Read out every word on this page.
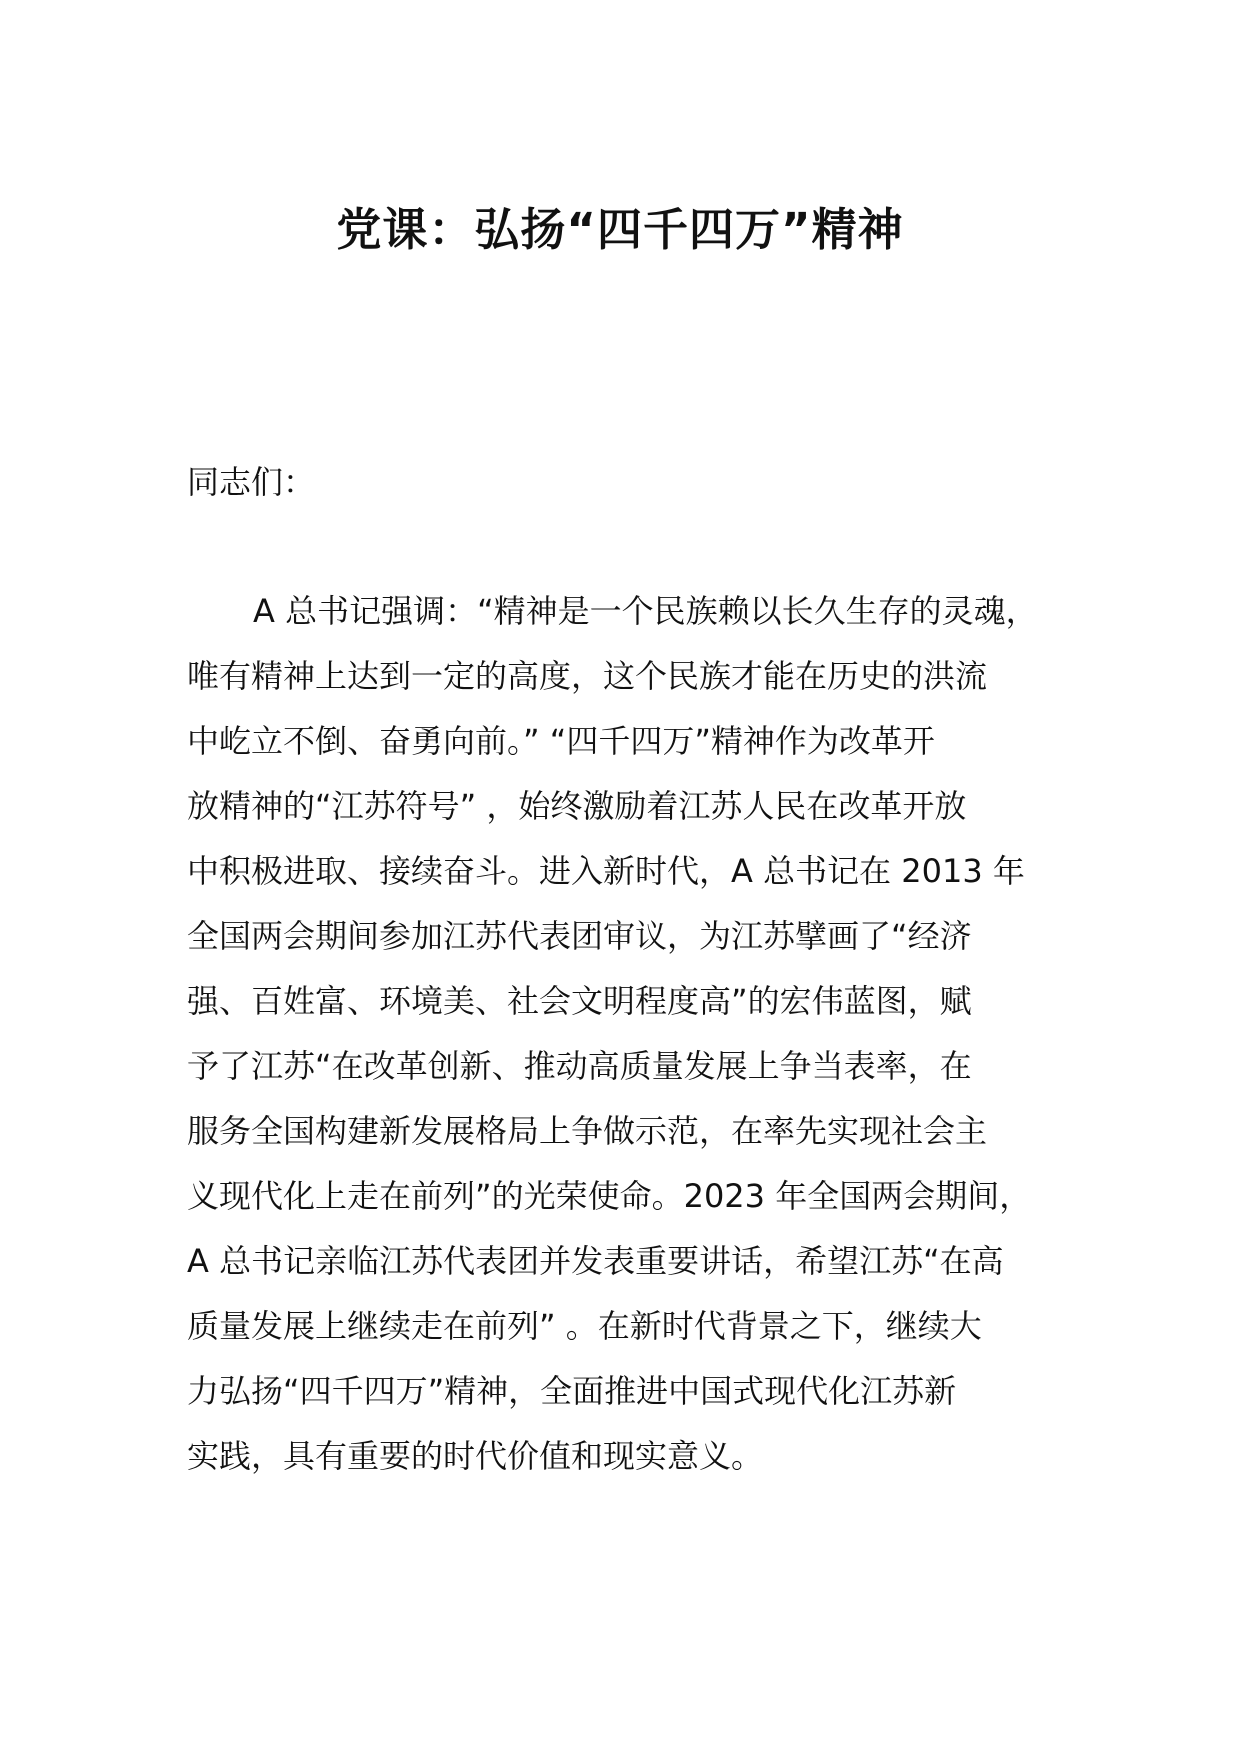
党课：弘扬“四千四万”精神
同志们：
A 总书记强调：“精神是一个民族赖以长久生存的灵魂，
唯有精神上达到一定的高度，这个民族才能在历史的洪流
中屹立不倒、奋勇向前。” “四千四万”精神作为改革开
放精神的“江苏符号” ，始终激励着江苏人民在改革开放
中积极进取、接续奋斗。进入新时代，A 总书记在 2013 年
全国两会期间参加江苏代表团审议，为江苏擘画了“经济
强、百姓富、环境美、社会文明程度高”的宏伟蓝图，赋
予了江苏“在改革创新、推动高质量发展上争当表率，在
服务全国构建新发展格局上争做示范，在率先实现社会主
义现代化上走在前列”的光荣使命。2023 年全国两会期间，
A 总书记亲临江苏代表团并发表重要讲话，希望江苏“在高
质量发展上继续走在前列” 。在新时代背景之下，继续大
力弘扬“四千四万”精神，全面推进中国式现代化江苏新
实践，具有重要的时代价值和现实意义。
